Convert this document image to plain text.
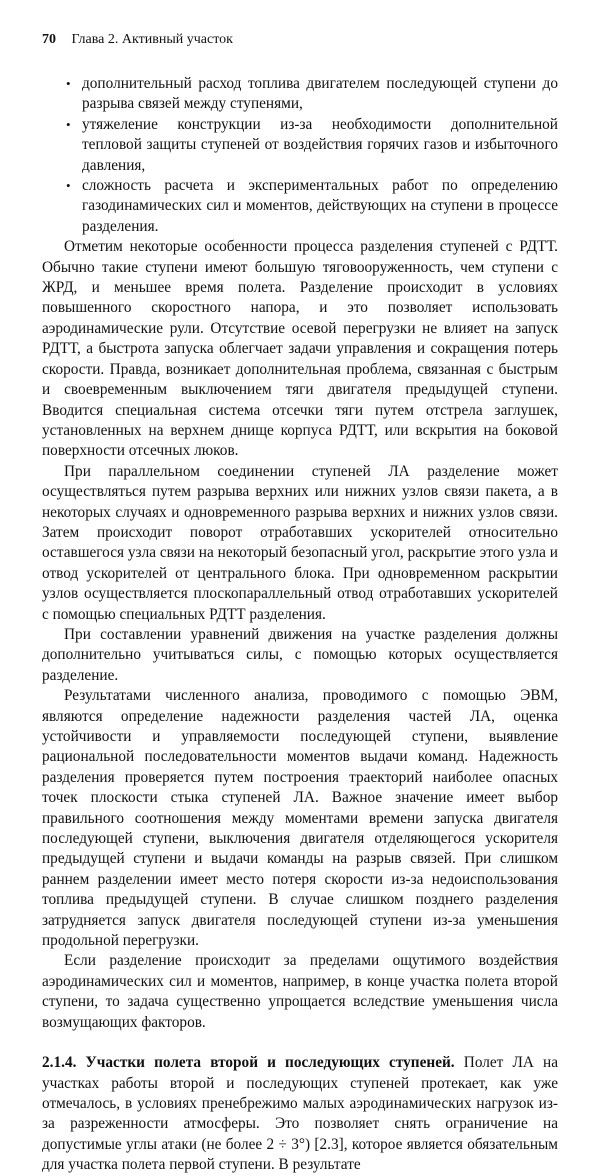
70 Глава 2. Активный участок
• дополнительный расход топлива двигателем последующей ступени до разрыва связей между ступенями,
• утяжеление конструкции из-за необходимости дополнительной тепловой защиты ступеней от воздействия горячих газов и избыточного давления,
• сложность расчета и экспериментальных работ по определению газодинамических сил и моментов, действующих на ступени в процессе разделения.

Отметим некоторые особенности процесса разделения ступеней с РДТТ. Обычно такие ступени имеют большую тяговооруженность, чем ступени с ЖРД, и меньшее время полета. Разделение происходит в условиях повышенного скоростного напора, и это позволяет использовать аэродинамические рули. Отсутствие осевой перегрузки не влияет на запуск РДТТ, а быстрота запуска облегчает задачи управления и сокращения потерь скорости. Правда, возникает дополнительная проблема, связанная с быстрым и своевременным выключением тяги двигателя предыдущей ступени. Вводится специальная система отсечки тяги путем отстрела заглушек, установленных на верхнем днище корпуса РДТТ, или вскрытия на боковой поверхности отсечных люков.

При параллельном соединении ступеней ЛА разделение может осуществляться путем разрыва верхних или нижних узлов связи пакета, а в некоторых случаях и одновременного разрыва верхних и нижних узлов связи. Затем происходит поворот отработавших ускорителей относительно оставшегося узла связи на некоторый безопасный угол, раскрытие этого узла и отвод ускорителей от центрального блока. При одновременном раскрытии узлов осуществляется плоскопараллельный отвод отработавших ускорителей с помощью специальных РДТТ разделения.

При составлении уравнений движения на участке разделения должны дополнительно учитываться силы, с помощью которых осуществляется разделение.

Результатами численного анализа, проводимого с помощью ЭВМ, являются определение надежности разделения частей ЛА, оценка устойчивости и управляемости последующей ступени, выявление рациональной последовательности моментов выдачи команд. Надежность разделения проверяется путем построения траекторий наиболее опасных точек плоскости стыка ступеней ЛА. Важное значение имеет выбор правильного соотношения между моментами времени запуска двигателя последующей ступени, выключения двигателя отделяющегося ускорителя предыдущей ступени и выдачи команды на разрыв связей. При слишком раннем разделении имеет место потеря скорости из-за недоиспользования топлива предыдущей ступени. В случае слишком позднего разделения затрудняется запуск двигателя последующей ступени из-за уменьшения продольной перегрузки.

Если разделение происходит за пределами ощутимого воздействия аэродинамических сил и моментов, например, в конце участка полета второй ступени, то задача существенно упрощается вследствие уменьшения числа возмущающих факторов.

2.1.4. Участки полета второй и последующих ступеней. Полет ЛА на участках работы второй и последующих ступеней протекает, как уже отмечалось, в условиях пренебрежимо малых аэродинамических нагрузок из-за разреженности атмосферы. Это позволяет снять ограничение на допустимые углы атаки (не более 2 ÷ 3°) [2.3], которое является обязательным для участка полета первой ступени. В результате
